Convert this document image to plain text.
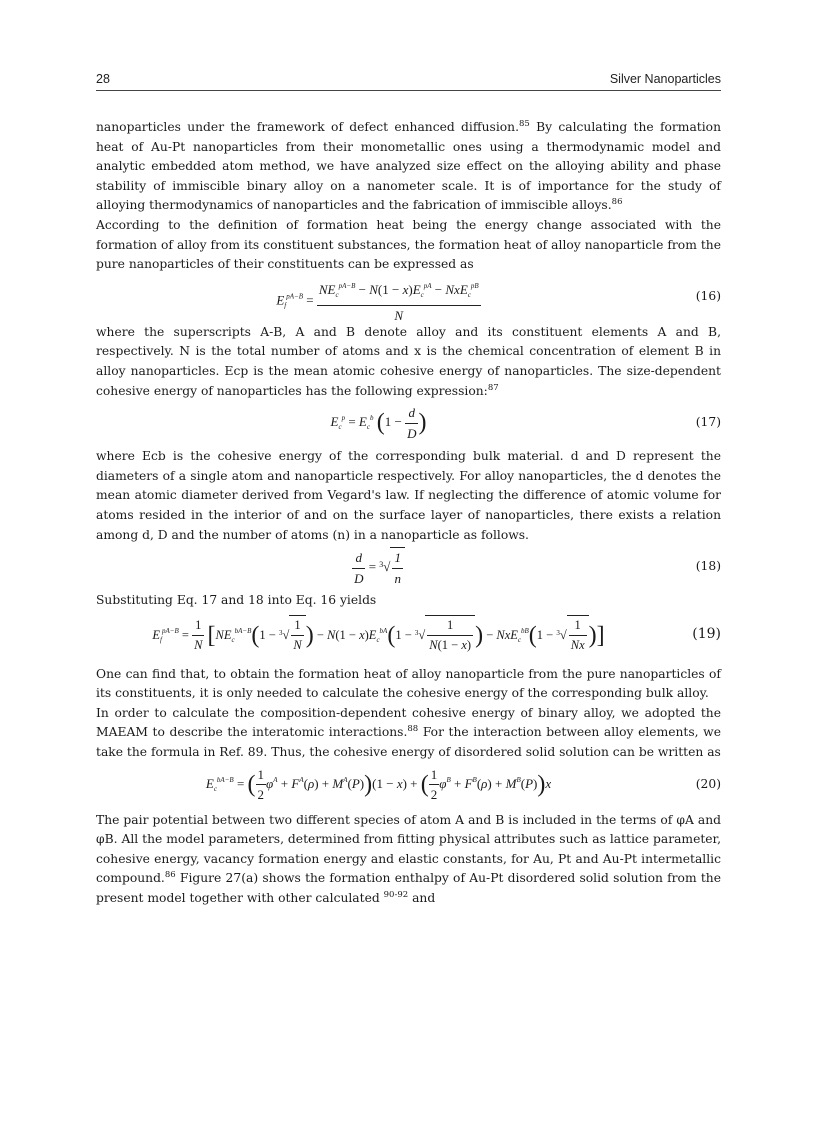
28	Silver Nanoparticles

nanoparticles under the framework of defect enhanced diffusion.$^{85}$ By calculating the formation heat of Au-Pt nanoparticles from their monometallic ones using a thermodynamic model and analytic embedded atom method, we have analyzed size effect on the alloying ability and phase stability of immiscible binary alloy on a nanometer scale. It is of importance for the study of alloying thermodynamics of nanoparticles and the fabrication of immiscible alloys.$^{86}$

According to the definition of formation heat being the energy change associated with the formation of alloy from its constituent substances, the formation heat of alloy nanoparticle from the pure nanoparticles of their constituents can be expressed as

$E_f^{pA-B} = \frac{NE_c^{pA-B} - N(1 - x)E_c^{pA} - NxE_c^{pB}}{N}$	(16)

where the superscripts A-B, A and B denote alloy and its constituent elements A and B, respectively. N is the total number of atoms and x is the chemical concentration of element B in alloy nanoparticles. Ecp is the mean atomic cohesive energy of nanoparticles. The size-dependent cohesive energy of nanoparticles has the following expression:$^{87}$

$E_c^p = E_c^b$ ($1 - \frac{d}{D}$ )	(17)

where Ecb is the cohesive energy of the corresponding bulk material. d and D represent the diameters of a single atom and nanoparticle respectively. For alloy nanoparticles, the d denotes the mean atomic diameter derived from Vegard's law. If neglecting the difference of atomic volume for atoms resided in the interior of and on the surface layer of nanoparticles, there exists a relation among d, D and the number of atoms (n) in a nanoparticle as follows.

$\frac{d}{D} = ^3√ \frac{1}{n}$	(18)

Substituting Eq. 17 and 18 into Eq. 16 yields

$E_f^{pA-B} = \frac{1}{N} [NE_c^{bA-B}(1 - ^3√ \frac{1}{N}$ ) − $N(1 - x)E_c^{bA}(1 - ^3√ \frac{1}{N(1 - x)}$ ) − $NxE_c^{bB}(1 - ^3√ \frac{1}{Nx}$ )]	(19)

One can find that, to obtain the formation heat of alloy nanoparticle from the pure nanoparticles of its constituents, it is only needed to calculate the cohesive energy of the corresponding bulk alloy.

In order to calculate the composition-dependent cohesive energy of binary alloy, we adopted the MAEAM to describe the interatomic interactions.$^{88}$ For the interaction between alloy elements, we take the formula in Ref. 89. Thus, the cohesive energy of disordered solid solution can be written as

$E_c^{bA-B}$ = ( $\frac{1}{2} \varphi^A + F^A(\rho) + M^A(P))(1 - x)$ + ( $\frac{1}{2} \varphi^B + F^B(\rho) + M^B(P))x$	(20)

The pair potential between two different species of atom A and B is included in the terms of φA and φB. All the model parameters, determined from fitting physical attributes such as lattice parameter, cohesive energy, vacancy formation energy and elastic constants, for Au, Pt and Au-Pt intermetallic compound.$^{86}$ Figure 27(a) shows the formation enthalpy of Au-Pt disordered solid solution from the present model together with other calculated $^{90-92}$ and
